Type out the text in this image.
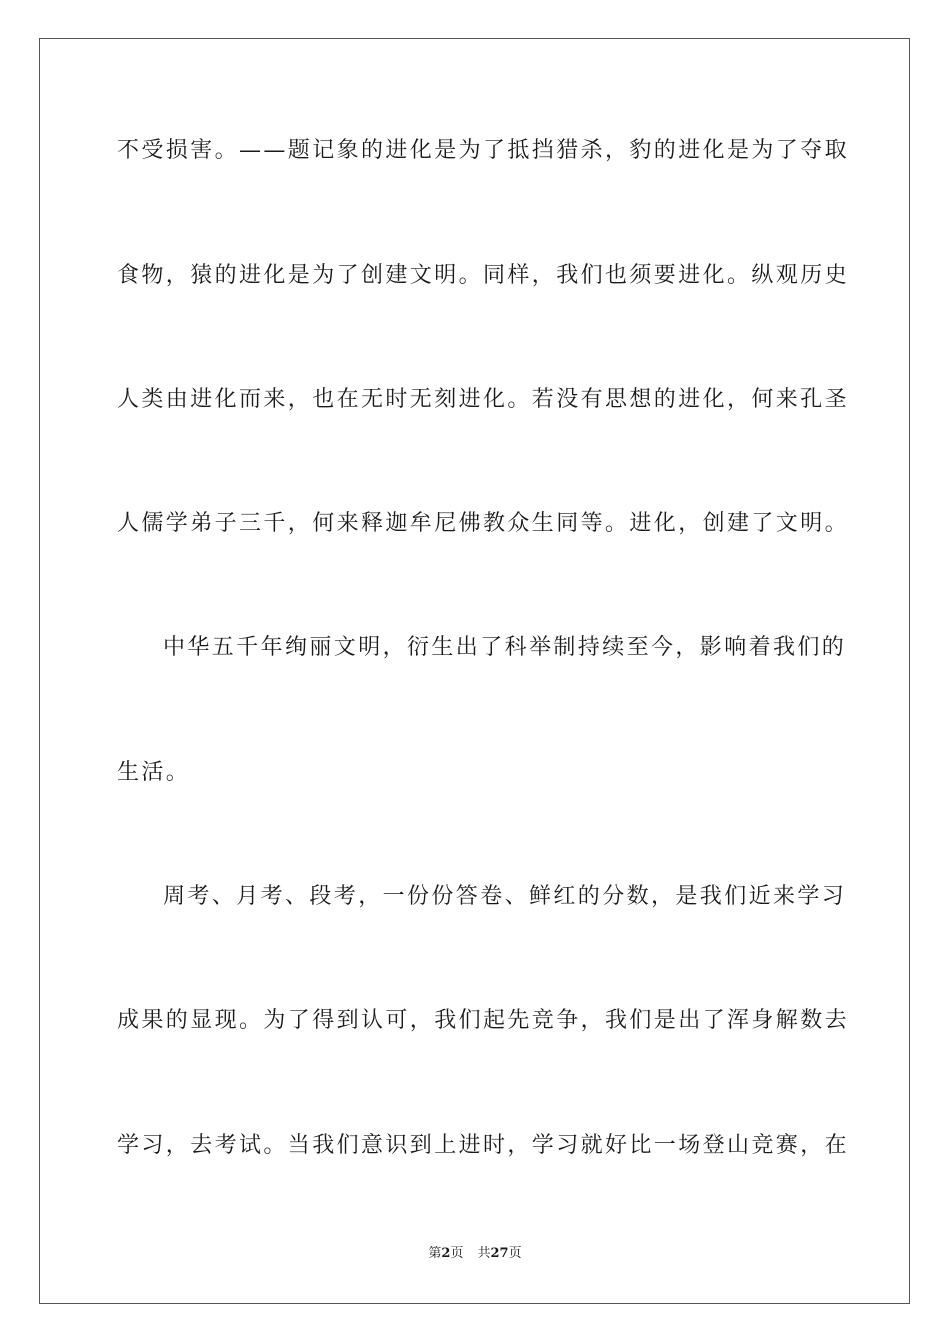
不受损害。——题记象的进化是为了抵挡猎杀，豹的进化是为了夺取
食物，猿的进化是为了创建文明。同样，我们也须要进化。纵观历史
人类由进化而来，也在无时无刻进化。若没有思想的进化，何来孔圣
人儒学弟子三千，何来释迦牟尼佛教众生同等。进化，创建了文明。
中华五千年绚丽文明，衍生出了科举制持续至今，影响着我们的
生活。
周考、月考、段考，一份份答卷、鲜红的分数，是我们近来学习
成果的显现。为了得到认可，我们起先竞争，我们是出了浑身解数去
学习，去考试。当我们意识到上进时，学习就好比一场登山竞赛，在
第2页 共27页
